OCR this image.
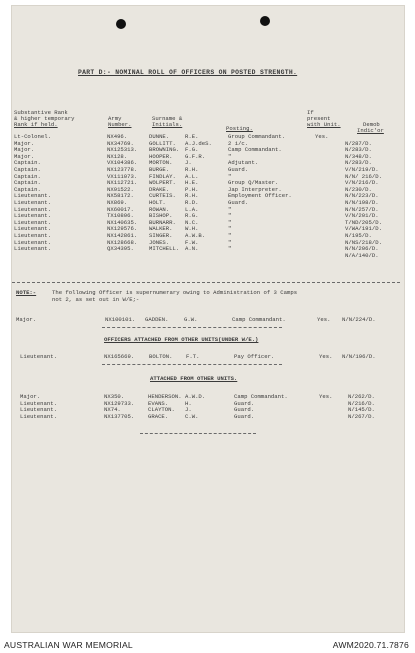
PART D:- NOMINAL ROLL OF OFFICERS ON POSTED STRENGTH.
Substantive Rank
& higher temporary
Rank if held.
Army
Number.
Surname &
Initials.
Posting.
If
present
with Unit.	Demob
Indic'or
Lt-Colonel.	NX496.	DUNNE.	R.E.	Group Commandant.	Yes.
Major.	NX34769.	GOLLITT. A.J.deS.	2 i/c.	N/287/D.
Major.	NX125313. BROWNING. F.G.	Camp Commandant.	N/283/D.
Major.	NX128.	HOOPER. G.F.R.	"	N/348/D.
Captain.	VX104386. MORTON. J.	Adjutant.	N/283/D.
Captain.	NX123778. BURGE.	R.H.	Guard.	V/N/219/D.
Captain.	VX111073. FINDLAY. A.L.	"	N/N/ 216/D.
Captain.	NX112721. WOLPERT. H.E.	Group Q/Master.	V/N/216/D.
Captain.	NX91522.	DRAKE.	P.H.	Jap Interpreter.	N/230/D.
Lieutenant.	NX58172.	CURTEIS. R.H.	Employment Officer.	N/N/223/D.
Lieutenant.	NX869.	HOLT.	R.D.	Guard.	N/N/198/D.
Lieutenant.	NX60017.	ROWAN.	L.A.	"	N/N/257/D.
Lieutenant.	TX10806.	BISHOP. R.G.	"	V/N/201/D.
Lieutenant.	NX140635. BURNARR. N.C.	"	T/ND/205/D.
Lieutenant.	NX129576. WALKER. W.H.	"	V/WA/191/D.
Lieutenant.	NX142861. SINGER. A.W.B.	"	N/195/D.
Lieutenant.	NX128668. JONES.	F.W.	"	N/NS/218/D.
Lieutenant.	QX34395.	MITCHELL. A.N.	"	N/N/206/D.
N/A/140/D.
NOTE:-	The following Officer is supernumerary owing to Administration of 3 Camps
not 2, as set out in W/E;-
Major.	NX100101. GADDEN.	G.W.	Camp Commandant.	Yes. N/N/224/D.
OFFICERS ATTACHED FROM OTHER UNITS(UNDER W/E.)
Lieutenant.	NX165669.	BOLTON. F.T.	Pay Officer.	Yes. N/N/196/D.
ATTACHED FROM OTHER UNITS.
Major.	NX350.	HENDERSON. A.W.D.	Camp Commandant.	Yes.	N/262/D.
Lieutenant.	NX129733. EVANS.	H.	Guard.	N/216/D.
Lieutenant.	NX74.	CLAYTON. J.	Guard.	N/145/D.
Lieutenant.	NX137705. GRACE.	C.W.	Guard.	N/267/D.
AUSTRALIAN WAR MEMORIAL	AWM2020.71.7876
